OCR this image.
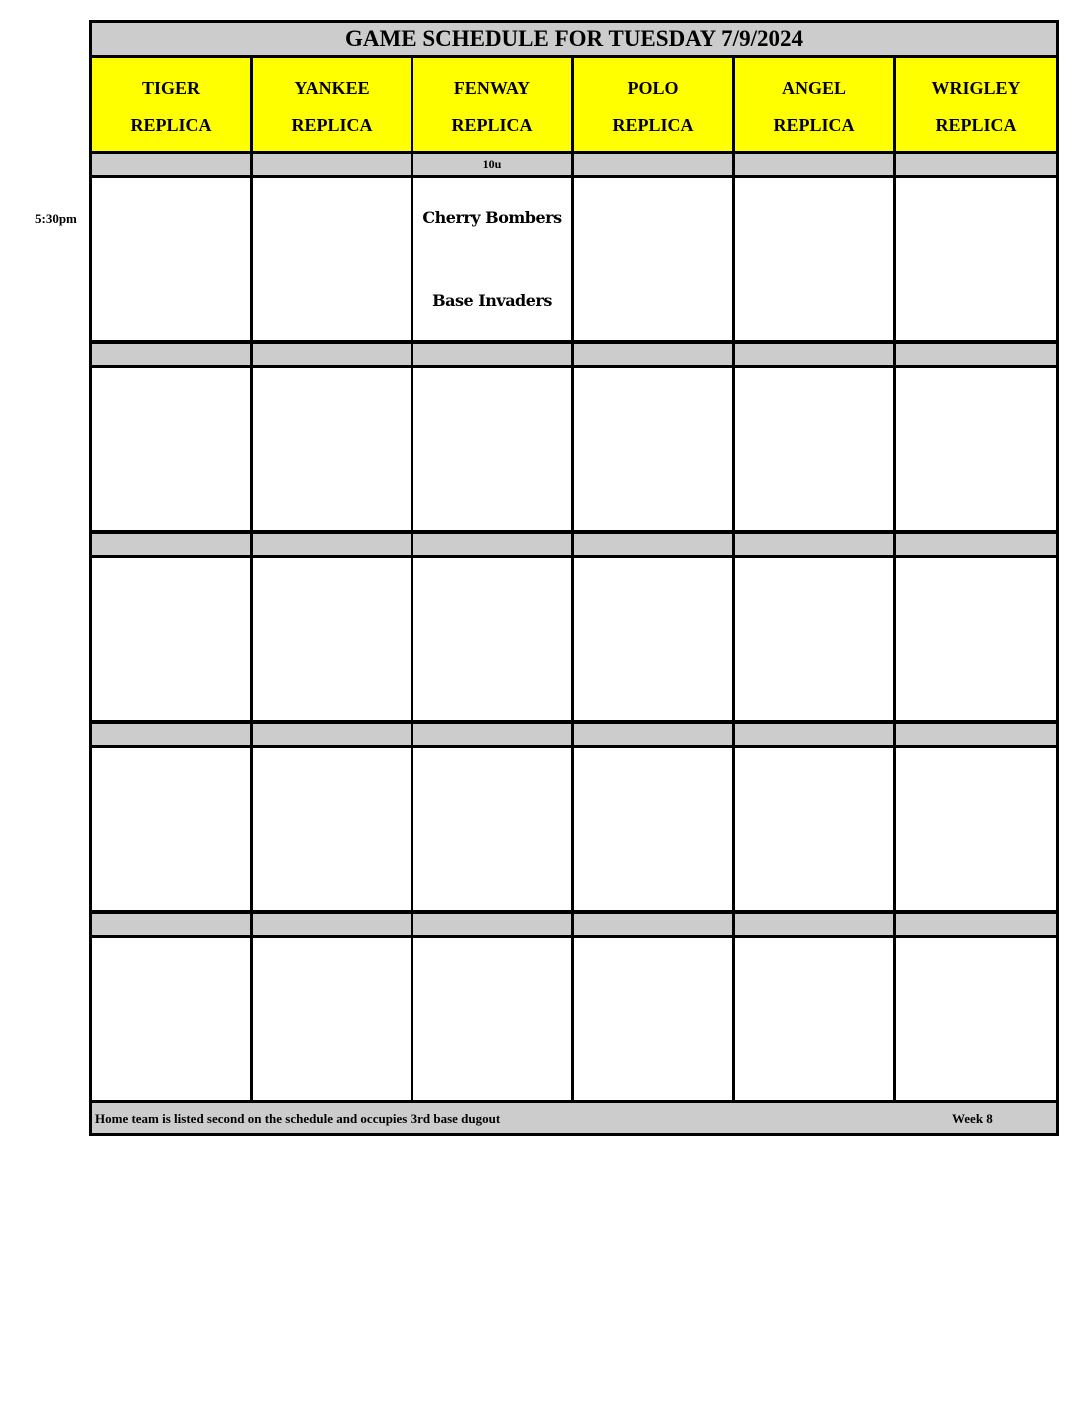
5:30pm
GAME SCHEDULE FOR TUESDAY 7/9/2024
TIGER
REPLICA
YANKEE
REPLICA
FENWAY
REPLICA
POLO
REPLICA
ANGEL
REPLICA
WRIGLEY
REPLICA
10u
Cherry Bombers
Base Invaders
Home team is listed second on the schedule and occupies 3rd base dugout	Week 8
